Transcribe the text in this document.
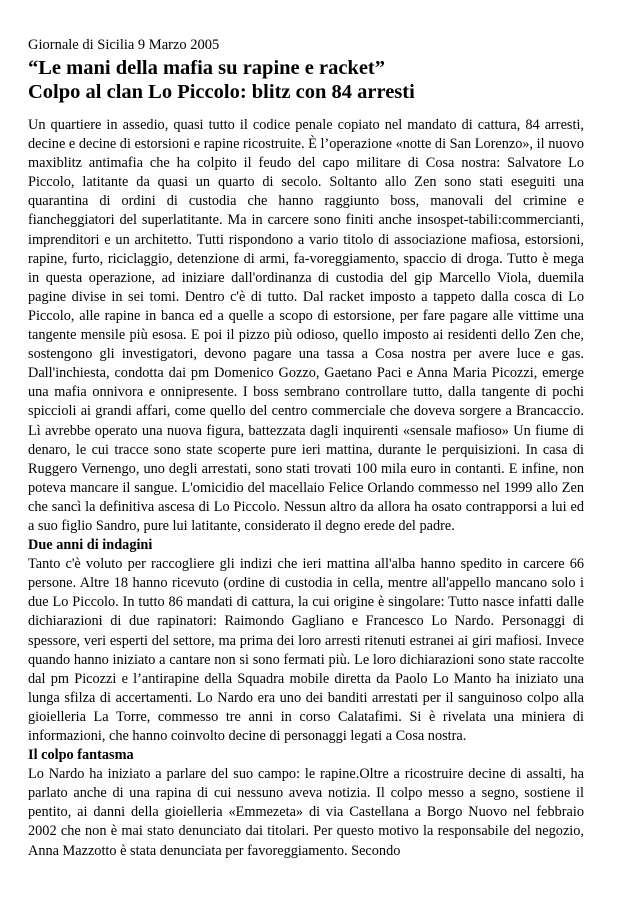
Giornale di Sicilia 9 Marzo 2005
“Le mani della mafia su rapine e racket”
Colpo al clan Lo Piccolo: blitz con 84 arresti

Un quartiere in assedio, quasi tutto il codice penale copiato nel mandato di cattura, 84 arresti, decine e decine di estorsioni e rapine ricostruite. È l’operazione «notte di San Lorenzo», il nuovo maxiblitz antimafia che ha colpito il feudo del capo militare di Cosa nostra: Salvatore Lo Piccolo, latitante da quasi un quarto di secolo. Soltanto allo Zen sono stati eseguiti una quarantina di ordini di custodia che hanno raggiunto boss, manovali del crimine e fiancheggiatori del superlatitante. Ma in carcere sono finiti anche insospet-tabili:commercianti, imprenditori e un architetto. Tutti rispondono a vario titolo di associazione mafiosa, estorsioni, rapine, furto, riciclaggio, detenzione di armi, fa-voreggiamento, spaccio di droga. Tutto è mega in questa operazione, ad iniziare dall'ordinanza di custodia del gip Marcello Viola, duemila pagine divise in sei tomi. Dentro c'è di tutto. Dal racket imposto a tappeto dalla cosca di Lo Piccolo, alle rapine in banca ed a quelle a scopo di estorsione, per fare pagare alle vittime una tangente mensile più esosa. E poi il pizzo più odioso, quello imposto ai residenti dello Zen che, sostengono gli investigatori, devono pagare una tassa a Cosa nostra per avere luce e gas. Dall'inchiesta, condotta dai pm Domenico Gozzo, Gaetano Paci e Anna Maria Picozzi, emerge una mafia onnivora e onnipresente. I boss sembrano controllare tutto, dalla tangente di pochi spiccioli ai grandi affari, come quello del centro commerciale che doveva sorgere a Brancaccio. Lì avrebbe operato una nuova figura, battezzata dagli inquirenti «sensale mafioso» Un fiume di denaro, le cui tracce sono state scoperte pure ieri mattina, durante le perquisizioni. In casa di Ruggero Vernengo, uno degli arrestati, sono stati trovati 100 mila euro in contanti. E infine, non poteva mancare il sangue. L'omicidio del macellaio Felice Orlando commesso nel 1999 allo Zen che sancì la definitiva ascesa di Lo Piccolo. Nessun altro da allora ha osato contrapporsi a lui ed a suo figlio Sandro, pure lui latitante, considerato il degno erede del padre.

Due anni di indagini

Tanto c'è voluto per raccogliere gli indizi che ieri mattina all'alba hanno spedito in carcere 66 persone. Altre 18 hanno ricevuto (ordine di custodia in cella, mentre all'appello mancano solo i due Lo Piccolo. In tutto 86 mandati di cattura, la cui origine è singolare: Tutto nasce infatti dalle dichiarazioni di due rapinatori: Raimondo Gagliano e Francesco Lo Nardo. Personaggi di spessore, veri esperti del settore, ma prima dei loro arresti ritenuti estranei ai giri mafiosi. Invece quando hanno iniziato a cantare non si sono fermati più. Le loro dichiarazioni sono state raccolte dal pm Picozzi e l’antirapine della Squadra mobile diretta da Paolo Lo Manto ha iniziato una lunga sfilza di accertamenti. Lo Nardo era uno dei banditi arrestati per il sanguinoso colpo alla gioielleria La Torre, commesso tre anni in corso Calatafimi. Si è rivelata una miniera di informazioni, che hanno coinvolto decine di personaggi legati a Cosa nostra.

Il colpo fantasma

Lo Nardo ha iniziato a parlare del suo campo: le rapine.Oltre a ricostruire decine di assalti, ha parlato anche di una rapina di cui nessuno aveva notizia. Il colpo messo a segno, sostiene il pentito, ai danni della gioielleria «Emmezeta» di via Castellana a Borgo Nuovo nel febbraio 2002 che non è mai stato denunciato dai titolari. Per questo motivo la responsabile del negozio, Anna Mazzotto è stata denunciata per favoreggiamento. Secondo
